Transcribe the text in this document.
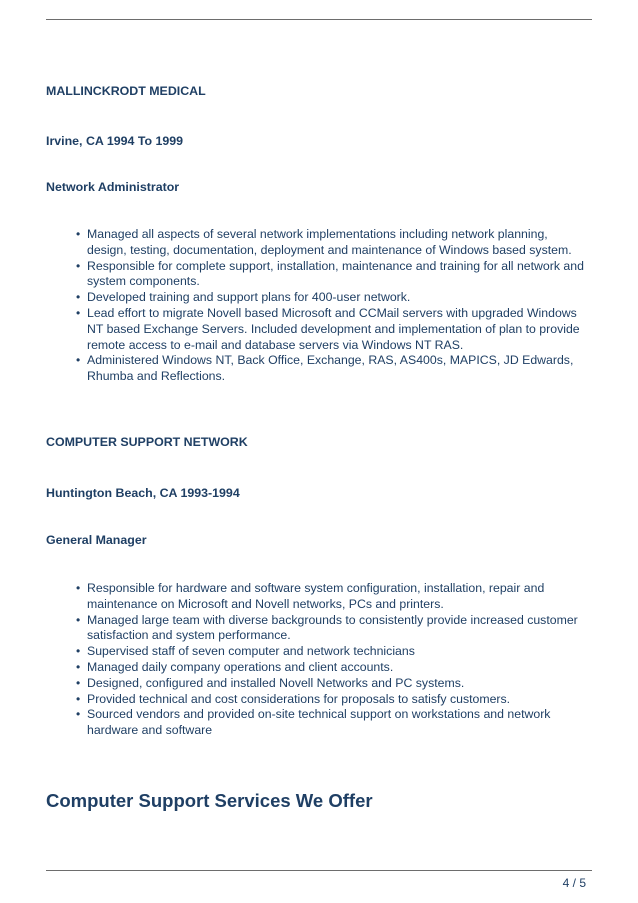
MALLINCKRODT MEDICAL

Irvine, CA 1994 To 1999

Network Administrator

• Managed all aspects of several network implementations including network planning, design, testing, documentation, deployment and maintenance of Windows based system.
• Responsible for complete support, installation, maintenance and training for all network and system components.
• Developed training and support plans for 400-user network.
• Lead effort to migrate Novell based Microsoft and CCMail servers with upgraded Windows NT based Exchange Servers. Included development and implementation of plan to provide remote access to e-mail and database servers via Windows NT RAS.
• Administered Windows NT, Back Office, Exchange, RAS, AS400s, MAPICS, JD Edwards, Rhumba and Reflections.

COMPUTER SUPPORT NETWORK

Huntington Beach, CA 1993-1994

General Manager

• Responsible for hardware and software system configuration, installation, repair and maintenance on Microsoft and Novell networks, PCs and printers.
• Managed large team with diverse backgrounds to consistently provide increased customer satisfaction and system performance.
• Supervised staff of seven computer and network technicians
• Managed daily company operations and client accounts.
• Designed, configured and installed Novell Networks and PC systems.
• Provided technical and cost considerations for proposals to satisfy customers.
• Sourced vendors and provided on-site technical support on workstations and network hardware and software

Computer Support Services We Offer

4 / 5
